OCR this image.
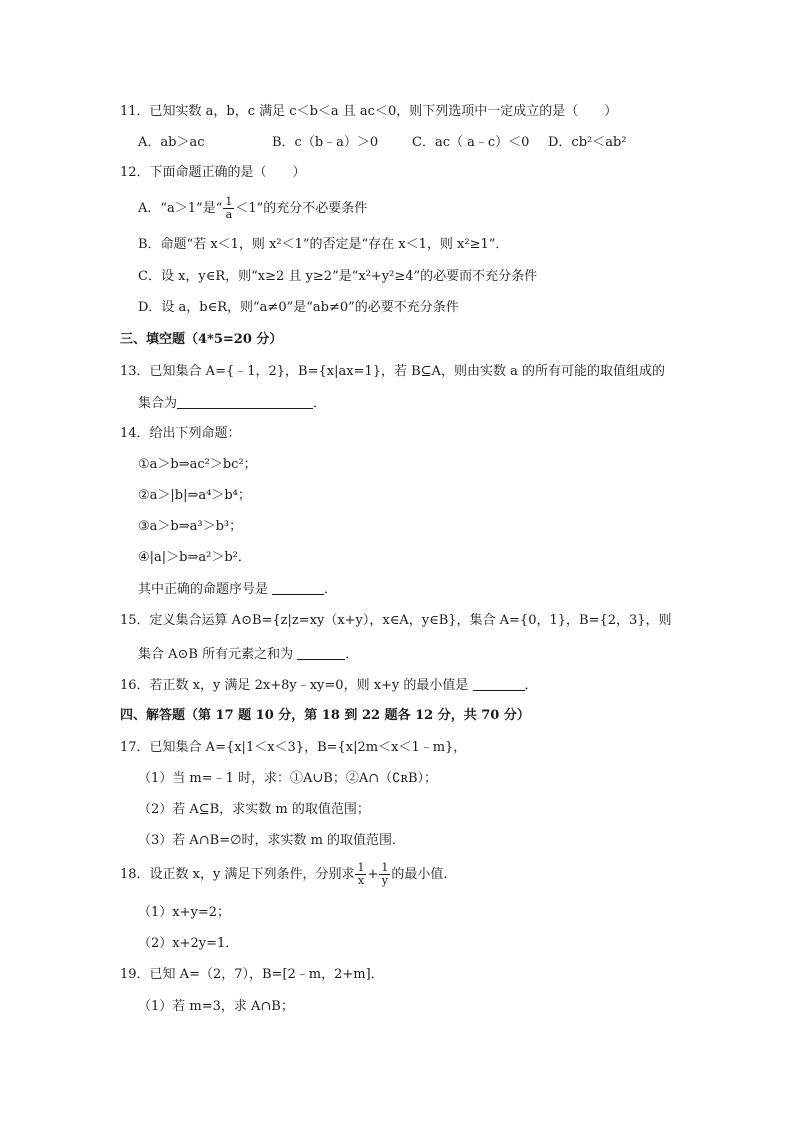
11．已知实数 a，b，c 满足 c＜b＜a 且 ac＜0，则下列选项中一定成立的是（　　）
A．ab＞ac	B．c（b﹣a）＞0	C．ac（ a﹣c）＜0 D．cb²＜ab²
12．下面命题正确的是（　　）
A．“a＞1”是“ $\frac{1}{a} <1$”的充分不必要条件
B．命题“若 x＜1，则 x²＜1”的否定是“存在 x＜1，则 x²≥1”．
C．设 x，y∈R，则“x≥2 且 y≥2”是“x²+y²≥4”的必要而不充分条件
D．设 a，b∈R，则“a≠0”是“ab≠0”的必要不充分条件
三、填空题（4*5=20 分）
13．已知集合 A={﹣1，2}，B={x|ax=1}，若 B⊆A，则由实数 a 的所有可能的取值组成的
集合为	．
14．给出下列命题：
①a＞b⇒ac²＞bc²；
②a＞|b|⇒a⁴＞b⁴；
③a＞b⇒a³＞b³；
④|a|＞b⇒a²＞b²．
其中正确的命题序号是	．
15．定义集合运算 A⊙B={z|z=xy（x+y），x∈A，y∈B}，集合 A={0，1}，B={2，3}，则
集合 A⊙B 所有元素之和为	．
16．若正数 x，y 满足 2x+8y﹣xy=0，则 x+y 的最小值是	．
四、解答题（第 17 题 10 分，第 18 到 22 题各 12 分，共 70 分）
17．已知集合 A={x|1＜x＜3}，B={x|2m＜x＜1﹣m}，
（1）当 m=﹣1 时，求：①A∪B；②A∩（∁ʀB）；
（2）若 A⊆B，求实数 m 的取值范围；
（3）若 A∩B=∅时，求实数 m 的取值范围．
18．设正数 x，y 满足下列条件，分别求 $\frac{1}{x} + \frac{1}{y}$ 的最小值．
（1）x+y=2；
（2）x+2y=1．
19．已知 A=（2，7），B=[2﹣m，2+m]．
（1）若 m=3，求 A∩B；
